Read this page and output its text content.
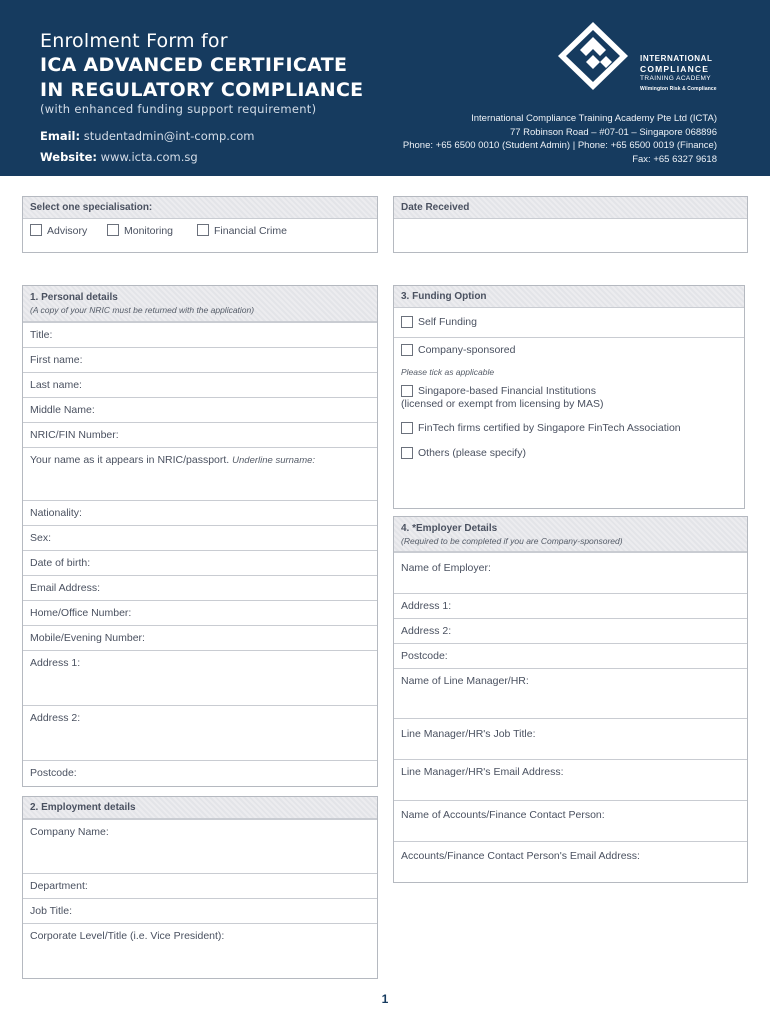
Enrolment Form for
ICA ADVANCED CERTIFICATE
IN REGULATORY COMPLIANCE
(with enhanced funding support requirement)
Email: studentadmin@int-comp.com
Website: www.icta.com.sg
INTERNATIONAL
COMPLIANCE
TRAINING ACADEMY
Wilmington Risk & Compliance
International Compliance Training Academy Pte Ltd (ICTA)
77 Robinson Road – #07-01 – Singapore 068896
Phone: +65 6500 0010 (Student Admin) | Phone: +65 6500 0019 (Finance)
Fax: +65 6327 9618
Select one specialisation:
Advisory	Monitoring	Financial Crime
Date Received
1. Personal details
(A copy of your NRIC must be returned with the application)
Title:
First name:
Last name:
Middle Name:
NRIC/FIN Number:
Your name as it appears in NRIC/passport. Underline surname:
Nationality:
Sex:
Date of birth:
Email Address:
Home/Office Number:
Mobile/Evening Number:
Address 1:
Address 2:
Postcode:
2. Employment details
Company Name:
Department:
Job Title:
Corporate Level/Title (i.e. Vice President):
3. Funding Option
Self Funding
Company-sponsored
Please tick as applicable
Singapore-based Financial Institutions
(licensed or exempt from licensing by MAS)
FinTech firms certified by Singapore FinTech Association
Others (please specify)
4. *Employer Details
(Required to be completed if you are Company-sponsored)
Name of Employer:
Address 1:
Address 2:
Postcode:
Name of Line Manager/HR:
Line Manager/HR's Job Title:
Line Manager/HR's Email Address:
Name of Accounts/Finance Contact Person:
Accounts/Finance Contact Person's Email Address:
1
